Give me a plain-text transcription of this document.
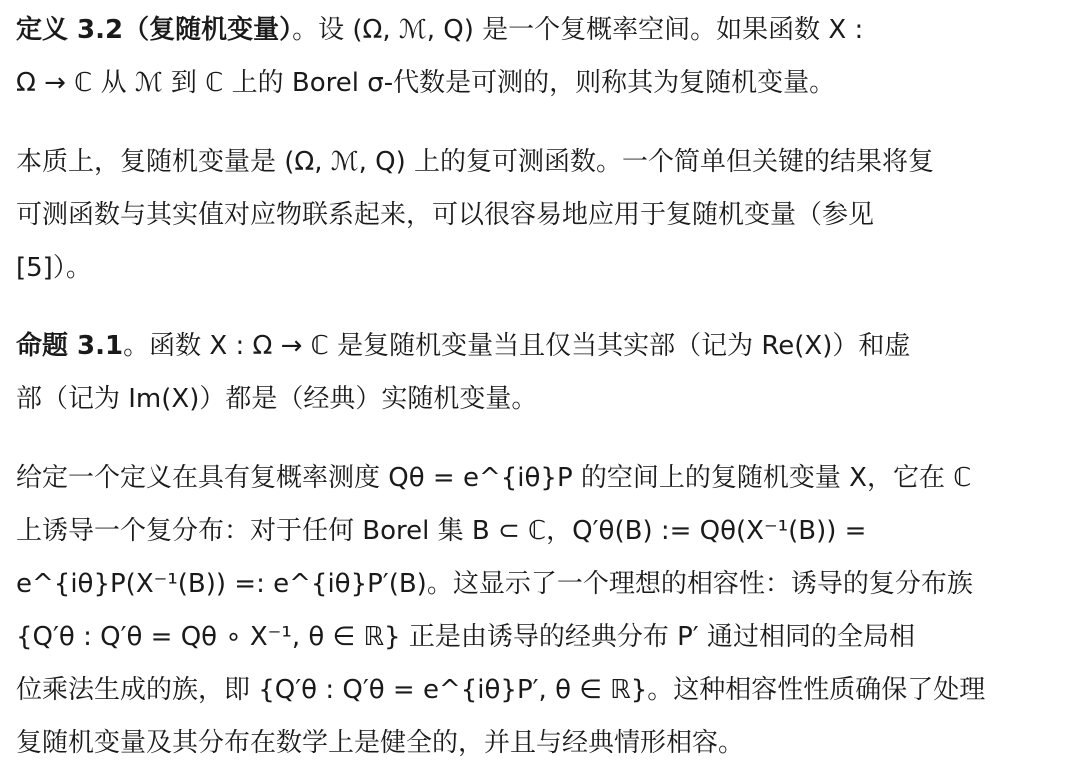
定义 3.2（复随机变量）。设 (Ω, ℳ, Q) 是一个复概率空间。如果函数 X :
Ω → ℂ 从 ℳ 到 ℂ 上的 Borel σ-代数是可测的，则称其为复随机变量。

本质上，复随机变量是 (Ω, ℳ, Q) 上的复可测函数。一个简单但关键的结果将复
可测函数与其实值对应物联系起来，可以很容易地应用于复随机变量（参见
[5]）。

命题 3.1。函数 X : Ω → ℂ 是复随机变量当且仅当其实部（记为 Re(X)）和虚
部（记为 Im(X)）都是（经典）实随机变量。

给定一个定义在具有复概率测度 Qθ = e^{iθ}P 的空间上的复随机变量 X，它在 ℂ
上诱导一个复分布：对于任何 Borel 集 B ⊂ ℂ，Q′θ(B) := Qθ(X⁻¹(B)) =
e^{iθ}P(X⁻¹(B)) =: e^{iθ}P′(B)。这显示了一个理想的相容性：诱导的复分布族
{Q′θ : Q′θ = Qθ ∘ X⁻¹, θ ∈ ℝ} 正是由诱导的经典分布 P′ 通过相同的全局相
位乘法生成的族，即 {Q′θ : Q′θ = e^{iθ}P′, θ ∈ ℝ}。这种相容性性质确保了处理
复随机变量及其分布在数学上是健全的，并且与经典情形相容。
